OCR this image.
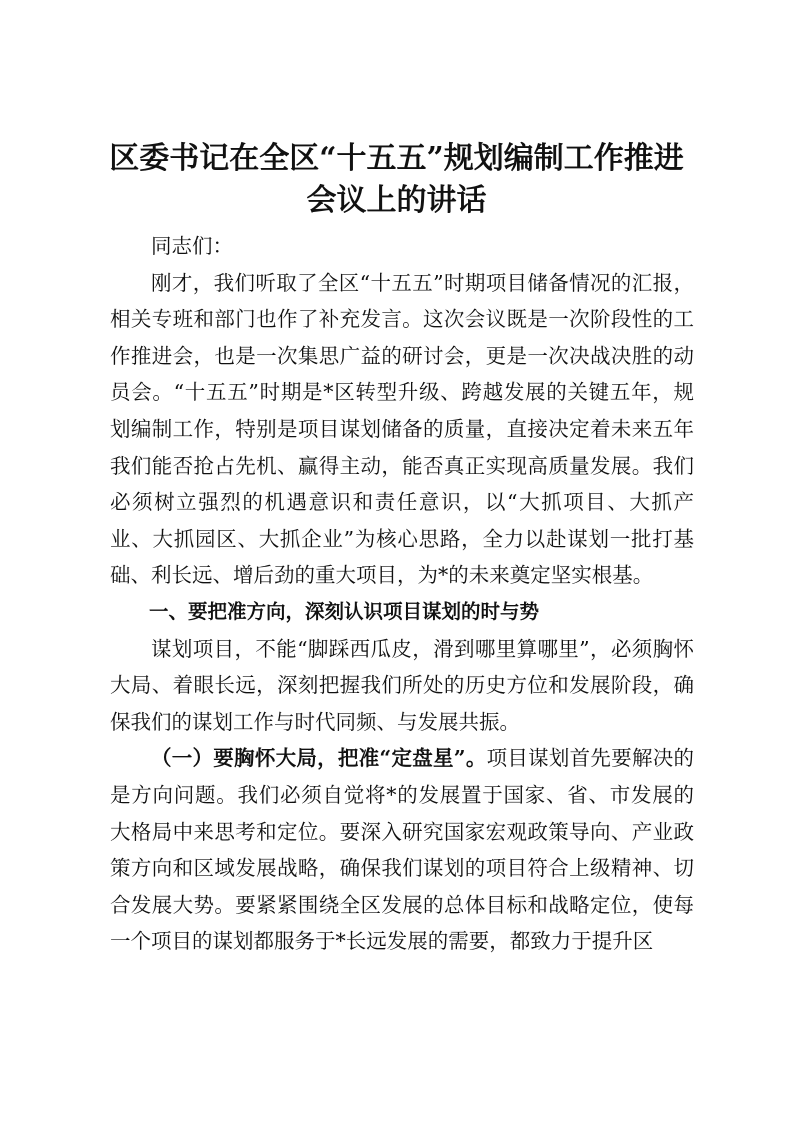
区委书记在全区“十五五”规划编制工作推进
会议上的讲话

同志们：

刚才，我们听取了全区“十五五”时期项目储备情况的汇报，相关专班和部门也作了补充发言。这次会议既是一次阶段性的工作推进会，也是一次集思广益的研讨会，更是一次决战决胜的动员会。“十五五”时期是*区转型升级、跨越发展的关键五年，规划编制工作，特别是项目谋划储备的质量，直接决定着未来五年我们能否抢占先机、赢得主动，能否真正实现高质量发展。我们必须树立强烈的机遇意识和责任意识，以“大抓项目、大抓产业、大抓园区、大抓企业”为核心思路，全力以赴谋划一批打基础、利长远、增后劲的重大项目，为*的未来奠定坚实根基。

一、要把准方向，深刻认识项目谋划的时与势

谋划项目，不能“脚踩西瓜皮，滑到哪里算哪里”，必须胸怀大局、着眼长远，深刻把握我们所处的历史方位和发展阶段，确保我们的谋划工作与时代同频、与发展共振。

（一）要胸怀大局，把准“定盘星”。项目谋划首先要解决的是方向问题。我们必须自觉将*的发展置于国家、省、市发展的大格局中来思考和定位。要深入研究国家宏观政策导向、产业政策方向和区域发展战略，确保我们谋划的项目符合上级精神、切合发展大势。要紧紧围绕全区发展的总体目标和战略定位，使每一个项目的谋划都服务于*长远发展的需要，都致力于提升区
